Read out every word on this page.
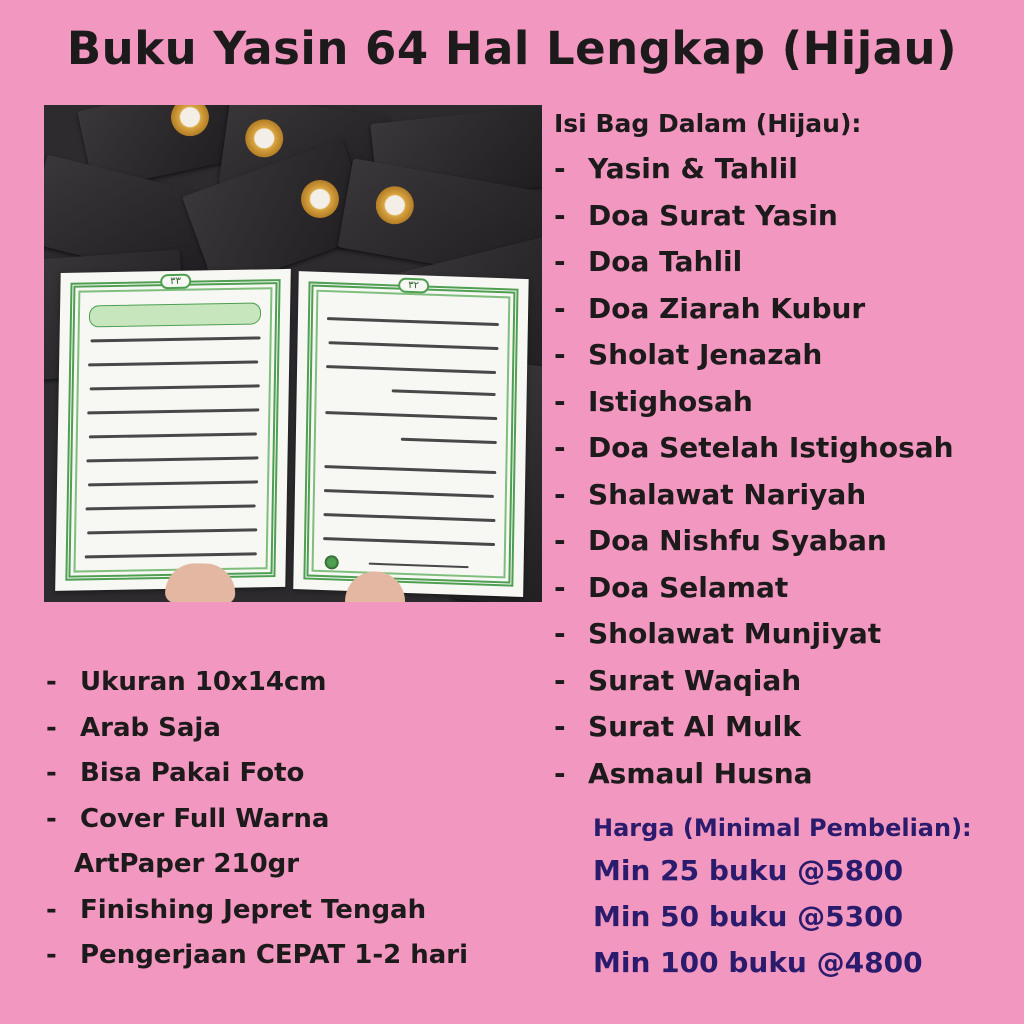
Buku Yasin 64 Hal Lengkap (Hijau)
٣٣	٣٢
Isi Bag Dalam (Hijau):
- Yasin & Tahlil
- Doa Surat Yasin
- Doa Tahlil
- Doa Ziarah Kubur
- Sholat Jenazah
- Istighosah
- Doa Setelah Istighosah
- Shalawat Nariyah
- Doa Nishfu Syaban
- Doa Selamat
- Sholawat Munjiyat
- Surat Waqiah
- Surat Al Mulk
- Asmaul Husna
- Ukuran 10x14cm
- Arab Saja
- Bisa Pakai Foto
- Cover Full Warna
ArtPaper 210gr
- Finishing Jepret Tengah
- Pengerjaan CEPAT 1-2 hari
Harga (Minimal Pembelian):
Min 25 buku @5800
Min 50 buku @5300
Min 100 buku @4800
